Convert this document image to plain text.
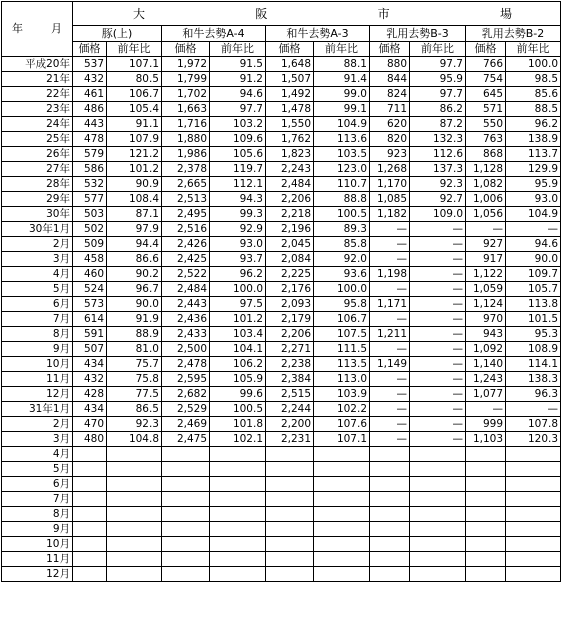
年 月	大 阪 市 場									

	豚(上)		和牛去勢A-4		和牛去勢A-3		乳用去勢B-3		乳用去勢B-2	
	価格	前年比	価格	前年比	価格	前年比	価格	前年比	価格	前年比
平成20年	537	107.1	1,972	91.5	1,648	88.1	880	97.7	766	100.0
21年	432	80.5	1,799	91.2	1,507	91.4	844	95.9	754	98.5
22年	461	106.7	1,702	94.6	1,492	99.0	824	97.7	645	85.6
23年	486	105.4	1,663	97.7	1,478	99.1	711	86.2	571	88.5
24年	443	91.1	1,716	103.2	1,550	104.9	620	87.2	550	96.2
25年	478	107.9	1,880	109.6	1,762	113.6	820	132.3	763	138.9
26年	579	121.2	1,986	105.6	1,823	103.5	923	112.6	868	113.7
27年	586	101.2	2,378	119.7	2,243	123.0	1,268	137.3	1,128	129.9
28年	532	90.9	2,665	112.1	2,484	110.7	1,170	92.3	1,082	95.9
29年	577	108.4	2,513	94.3	2,206	88.8	1,085	92.7	1,006	93.0
30年	503	87.1	2,495	99.3	2,218	100.5	1,182	109.0	1,056	104.9
30年1月	502	97.9	2,516	92.9	2,196	89.3	—	—	—	—
2月	509	94.4	2,426	93.0	2,045	85.8	—	—	927	94.6
3月	458	86.6	2,425	93.7	2,084	92.0	—	—	917	90.0
4月	460	90.2	2,522	96.2	2,225	93.6	1,198	—	1,122	109.7
5月	524	96.7	2,484	100.0	2,176	100.0	—	—	1,059	105.7
6月	573	90.0	2,443	97.5	2,093	95.8	1,171	—	1,124	113.8
7月	614	91.9	2,436	101.2	2,179	106.7	—	—	970	101.5
8月	591	88.9	2,433	103.4	2,206	107.5	1,211	—	943	95.3
9月	507	81.0	2,500	104.1	2,271	111.5	—	—	1,092	108.9
10月	434	75.7	2,478	106.2	2,238	113.5	1,149	—	1,140	114.1
11月	432	75.8	2,595	105.9	2,384	113.0	—	—	1,243	138.3
12月	428	77.5	2,682	99.6	2,515	103.9	—	—	1,077	96.3
31年1月	434	86.5	2,529	100.5	2,244	102.2	—	—	—	—
2月	470	92.3	2,469	101.8	2,200	107.6	—	—	999	107.8
3月	480	104.8	2,475	102.1	2,231	107.1	—	—	1,103	120.3
4月										
5月										
6月										
7月										
8月										
9月										
10月										
11月										
12月										
